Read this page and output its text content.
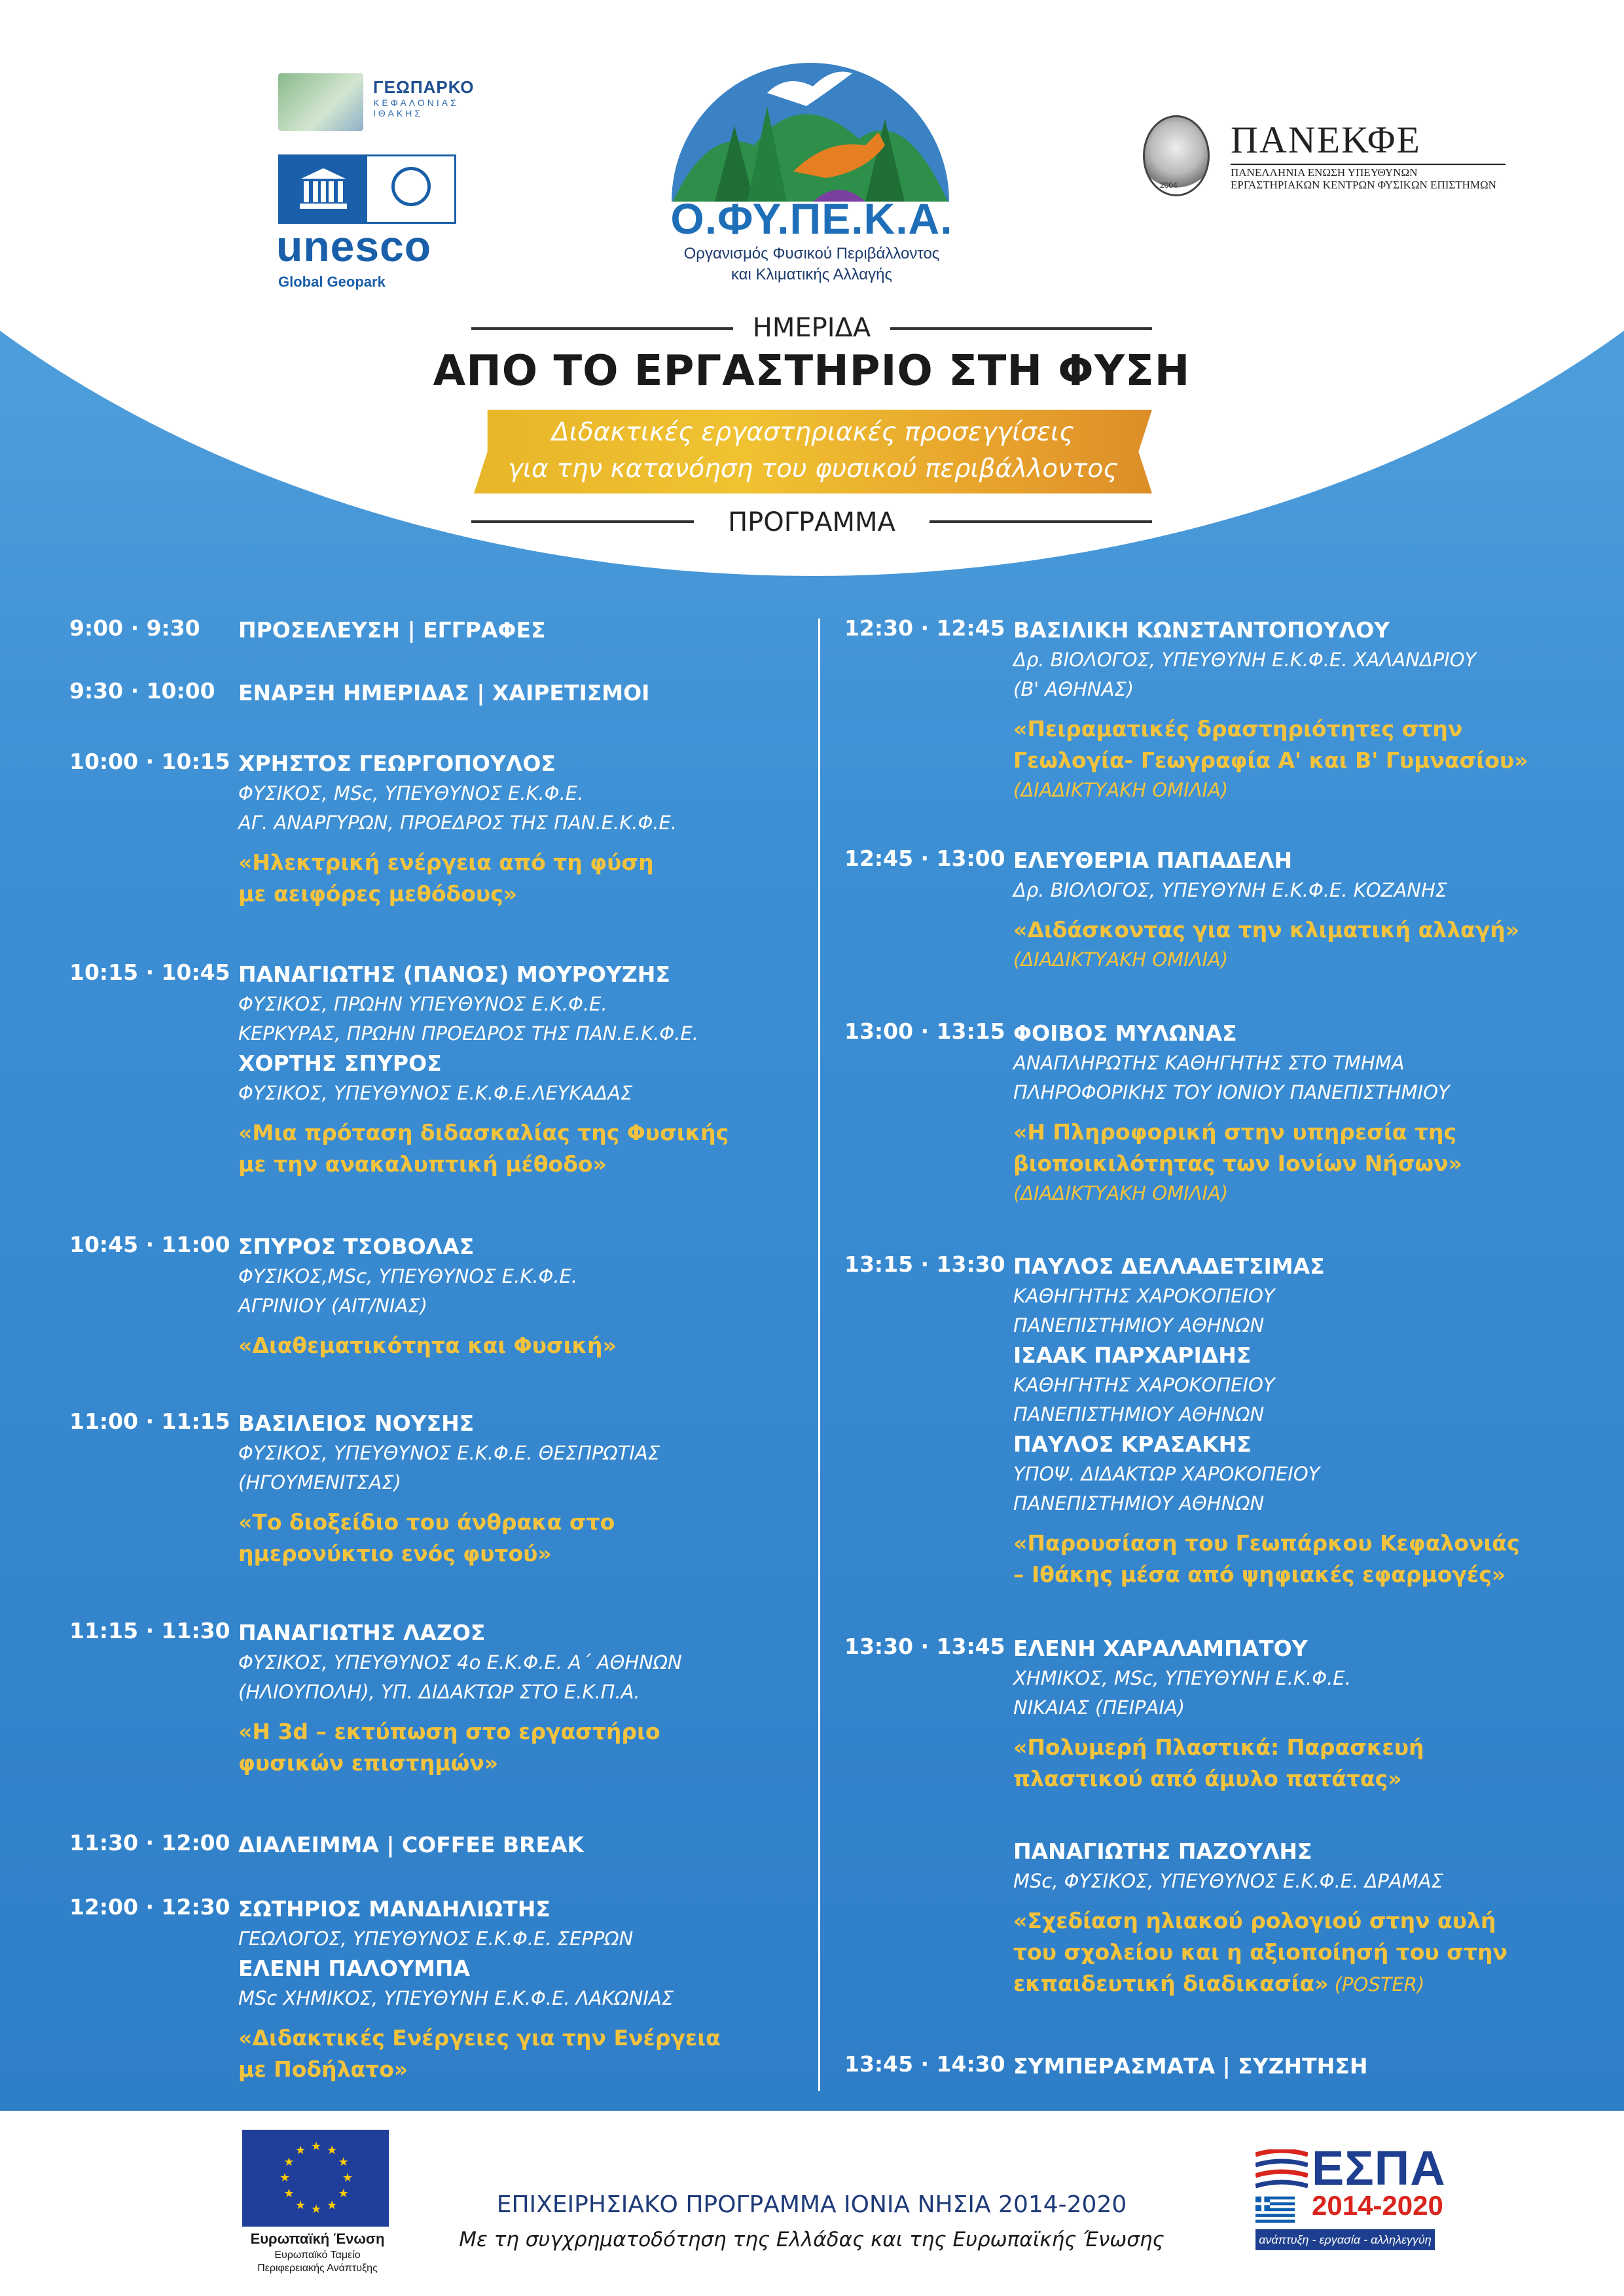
ΓΕΩΠΑΡΚΟ
ΚΕΦΑΛΟΝΙΑΣ
ΙΘΑΚΗΣ
unesco
Global Geopark
Ο.ΦΥ.ΠΕ.Κ.Α.
Οργανισμός Φυσικού Περιβάλλοντος
και Κλιματικής Αλλαγής
2004
ΠΑΝΕΚΦΕ
ΠΑΝΕΛΛΗΝΙΑ ΕΝΩΣΗ ΥΠΕΥΘΥΝΩΝ
ΕΡΓΑΣΤΗΡΙΑΚΩΝ ΚΕΝΤΡΩΝ ΦΥΣΙΚΩΝ ΕΠΙΣΤΗΜΩΝ
ΗΜΕΡΙΔΑ
ΑΠΟ ΤΟ ΕΡΓΑΣΤΗΡΙΟ ΣΤΗ ΦΥΣΗ
Διδακτικές εργαστηριακές προσεγγίσεις
για την κατανόηση του φυσικού περιβάλλοντος
ΠΡΟΓΡΑΜΜΑ
9:00 · 9:30	ΠΡΟΣΕΛΕΥΣΗ | ΕΓΓΡΑΦΕΣ
9:30 · 10:00	ΕΝΑΡΞΗ ΗΜΕΡΙΔΑΣ | ΧΑΙΡΕΤΙΣΜΟΙ
10:00 · 10:15 ΧΡΗΣΤΟΣ ΓΕΩΡΓΟΠΟΥΛΟΣ
ΦΥΣΙΚΟΣ, MSc, ΥΠΕΥΘΥΝΟΣ Ε.Κ.Φ.Ε.
ΑΓ. ΑΝΑΡΓΥΡΩΝ, ΠΡΟΕΔΡΟΣ ΤΗΣ ΠΑΝ.Ε.Κ.Φ.Ε.
«Ηλεκτρική ενέργεια από τη φύση
με αειφόρες μεθόδους»
10:15 · 10:45 ΠΑΝΑΓΙΩΤΗΣ (ΠΑΝΟΣ) ΜΟΥΡΟΥΖΗΣ
ΦΥΣΙΚΟΣ, ΠΡΩΗΝ ΥΠΕΥΘΥΝΟΣ Ε.Κ.Φ.Ε.
ΚΕΡΚΥΡΑΣ, ΠΡΩΗΝ ΠΡΟΕΔΡΟΣ ΤΗΣ ΠΑΝ.Ε.Κ.Φ.Ε.
ΧΟΡΤΗΣ ΣΠΥΡΟΣ
ΦΥΣΙΚΟΣ, ΥΠΕΥΘΥΝΟΣ Ε.Κ.Φ.Ε.ΛΕΥΚΑΔΑΣ
«Μια πρόταση διδασκαλίας της Φυσικής
με την ανακαλυπτική μέθοδο»
10:45 · 11:00 ΣΠΥΡΟΣ ΤΣΟΒΟΛΑΣ
ΦΥΣΙΚΟΣ,MSc, ΥΠΕΥΘΥΝΟΣ Ε.Κ.Φ.Ε.
ΑΓΡΙΝΙΟΥ (ΑΙΤ/ΝΙΑΣ)
«Διαθεματικότητα και Φυσική»
11:00 · 11:15 ΒΑΣΙΛΕΙΟΣ ΝΟΥΣΗΣ
ΦΥΣΙΚΟΣ, ΥΠΕΥΘΥΝΟΣ Ε.Κ.Φ.Ε. ΘΕΣΠΡΩΤΙΑΣ
(ΗΓΟΥΜΕΝΙΤΣΑΣ)
«Το διοξείδιο του άνθρακα στο
ημερονύκτιο ενός φυτού»
11:15 · 11:30 ΠΑΝΑΓΙΩΤΗΣ ΛΑΖΟΣ
ΦΥΣΙΚΟΣ, ΥΠΕΥΘΥΝΟΣ 4ο Ε.Κ.Φ.Ε. Α΄ ΑΘΗΝΩΝ
(ΗΛΙΟΥΠΟΛΗ), ΥΠ. ΔΙΔΑΚΤΩΡ ΣΤΟ Ε.Κ.Π.Α.
«Η 3d – εκτύπωση στο εργαστήριο
φυσικών επιστημών»
11:30 · 12:00 ΔΙΑΛΕΙΜΜΑ | COFFEE BREAK
12:00 · 12:30 ΣΩΤΗΡΙΟΣ ΜΑΝΔΗΛΙΩΤΗΣ
ΓΕΩΛΟΓΟΣ, ΥΠΕΥΘΥΝΟΣ Ε.Κ.Φ.Ε. ΣΕΡΡΩΝ
ΕΛΕΝΗ ΠΑΛΟΥΜΠΑ
MSc ΧΗΜΙΚΟΣ, ΥΠΕΥΘΥΝΗ Ε.Κ.Φ.Ε. ΛΑΚΩΝΙΑΣ
«Διδακτικές Ενέργειες για την Ενέργεια
με Ποδήλατο»
12:30 · 12:45 ΒΑΣΙΛΙΚΗ ΚΩΝΣΤΑΝΤΟΠΟΥΛΟΥ
Δρ. ΒΙΟΛΟΓΟΣ, ΥΠΕΥΘΥΝΗ Ε.Κ.Φ.Ε. ΧΑΛΑΝΔΡΙΟΥ
(Β' ΑΘΗΝΑΣ)
«Πειραματικές δραστηριότητες στην
Γεωλογία- Γεωγραφία Α' και Β' Γυμνασίου»
(ΔΙΑΔΙΚΤΥΑΚΗ ΟΜΙΛΙΑ)
12:45 · 13:00 ΕΛΕΥΘΕΡΙΑ ΠΑΠΑΔΕΛΗ
Δρ. ΒΙΟΛΟΓΟΣ, ΥΠΕΥΘΥΝΗ Ε.Κ.Φ.Ε. ΚΟΖΑΝΗΣ
«Διδάσκοντας για την κλιματική αλλαγή»
(ΔΙΑΔΙΚΤΥΑΚΗ ΟΜΙΛΙΑ)
13:00 · 13:15 ΦΟΙΒΟΣ ΜΥΛΩΝΑΣ
ΑΝΑΠΛΗΡΩΤΗΣ ΚΑΘΗΓΗΤΗΣ ΣΤΟ ΤΜΗΜΑ
ΠΛΗΡΟΦΟΡΙΚΗΣ ΤΟΥ ΙΟΝΙΟΥ ΠΑΝΕΠΙΣΤΗΜΙΟΥ
«Η Πληροφορική στην υπηρεσία της
βιοποικιλότητας των Ιονίων Νήσων»
(ΔΙΑΔΙΚΤΥΑΚΗ ΟΜΙΛΙΑ)
13:15 · 13:30 ΠΑΥΛΟΣ ΔΕΛΛΑΔΕΤΣΙΜΑΣ
ΚΑΘΗΓΗΤΗΣ ΧΑΡΟΚΟΠΕΙΟΥ
ΠΑΝΕΠΙΣΤΗΜΙΟΥ ΑΘΗΝΩΝ
ΙΣΑΑΚ ΠΑΡΧΑΡΙΔΗΣ
ΚΑΘΗΓΗΤΗΣ ΧΑΡΟΚΟΠΕΙΟΥ
ΠΑΝΕΠΙΣΤΗΜΙΟΥ ΑΘΗΝΩΝ
ΠΑΥΛΟΣ ΚΡΑΣΑΚΗΣ
ΥΠΟΨ. ΔΙΔΑΚΤΩΡ ΧΑΡΟΚΟΠΕΙΟΥ
ΠΑΝΕΠΙΣΤΗΜΙΟΥ ΑΘΗΝΩΝ
«Παρουσίαση του Γεωπάρκου Κεφαλονιάς
– Ιθάκης μέσα από ψηφιακές εφαρμογές»
13:30 · 13:45 ΕΛΕΝΗ ΧΑΡΑΛΑΜΠΑΤΟΥ
ΧΗΜΙΚΟΣ, MSc, ΥΠΕΥΘΥΝΗ Ε.Κ.Φ.Ε.
ΝΙΚΑΙΑΣ (ΠΕΙΡΑΙΑ)
«Πολυμερή Πλαστικά: Παρασκευή
πλαστικού από άμυλο πατάτας»
ΠΑΝΑΓΙΩΤΗΣ ΠΑΖΟΥΛΗΣ
MSc, ΦΥΣΙΚΟΣ, ΥΠΕΥΘΥΝΟΣ Ε.Κ.Φ.Ε. ΔΡΑΜΑΣ
«Σχεδίαση ηλιακού ρολογιού στην αυλή
του σχολείου και η αξιοποίησή του στην
εκπαιδευτική διαδικασία» (POSTER)
13:45 · 14:30 ΣΥΜΠΕΡΑΣΜΑΤΑ | ΣΥΖΗΤΗΣΗ
★
★
★
★
★
★
★
★
★ ★ ★
★
Ευρωπαϊκή Ένωση
Ευρωπαϊκό Ταμείο
Περιφερειακής Ανάπτυξης
ΕΠΙΧΕΙΡΗΣΙΑΚΟ ΠΡΟΓΡΑΜΜΑ ΙΟΝΙΑ ΝΗΣΙΑ 2014-2020
Με τη συγχρηματοδότηση της Ελλάδας και της Ευρωπαϊκής Ένωσης
ΕΣΠΑ
2014-2020
ανάπτυξη - εργασία - αλληλεγγύη
